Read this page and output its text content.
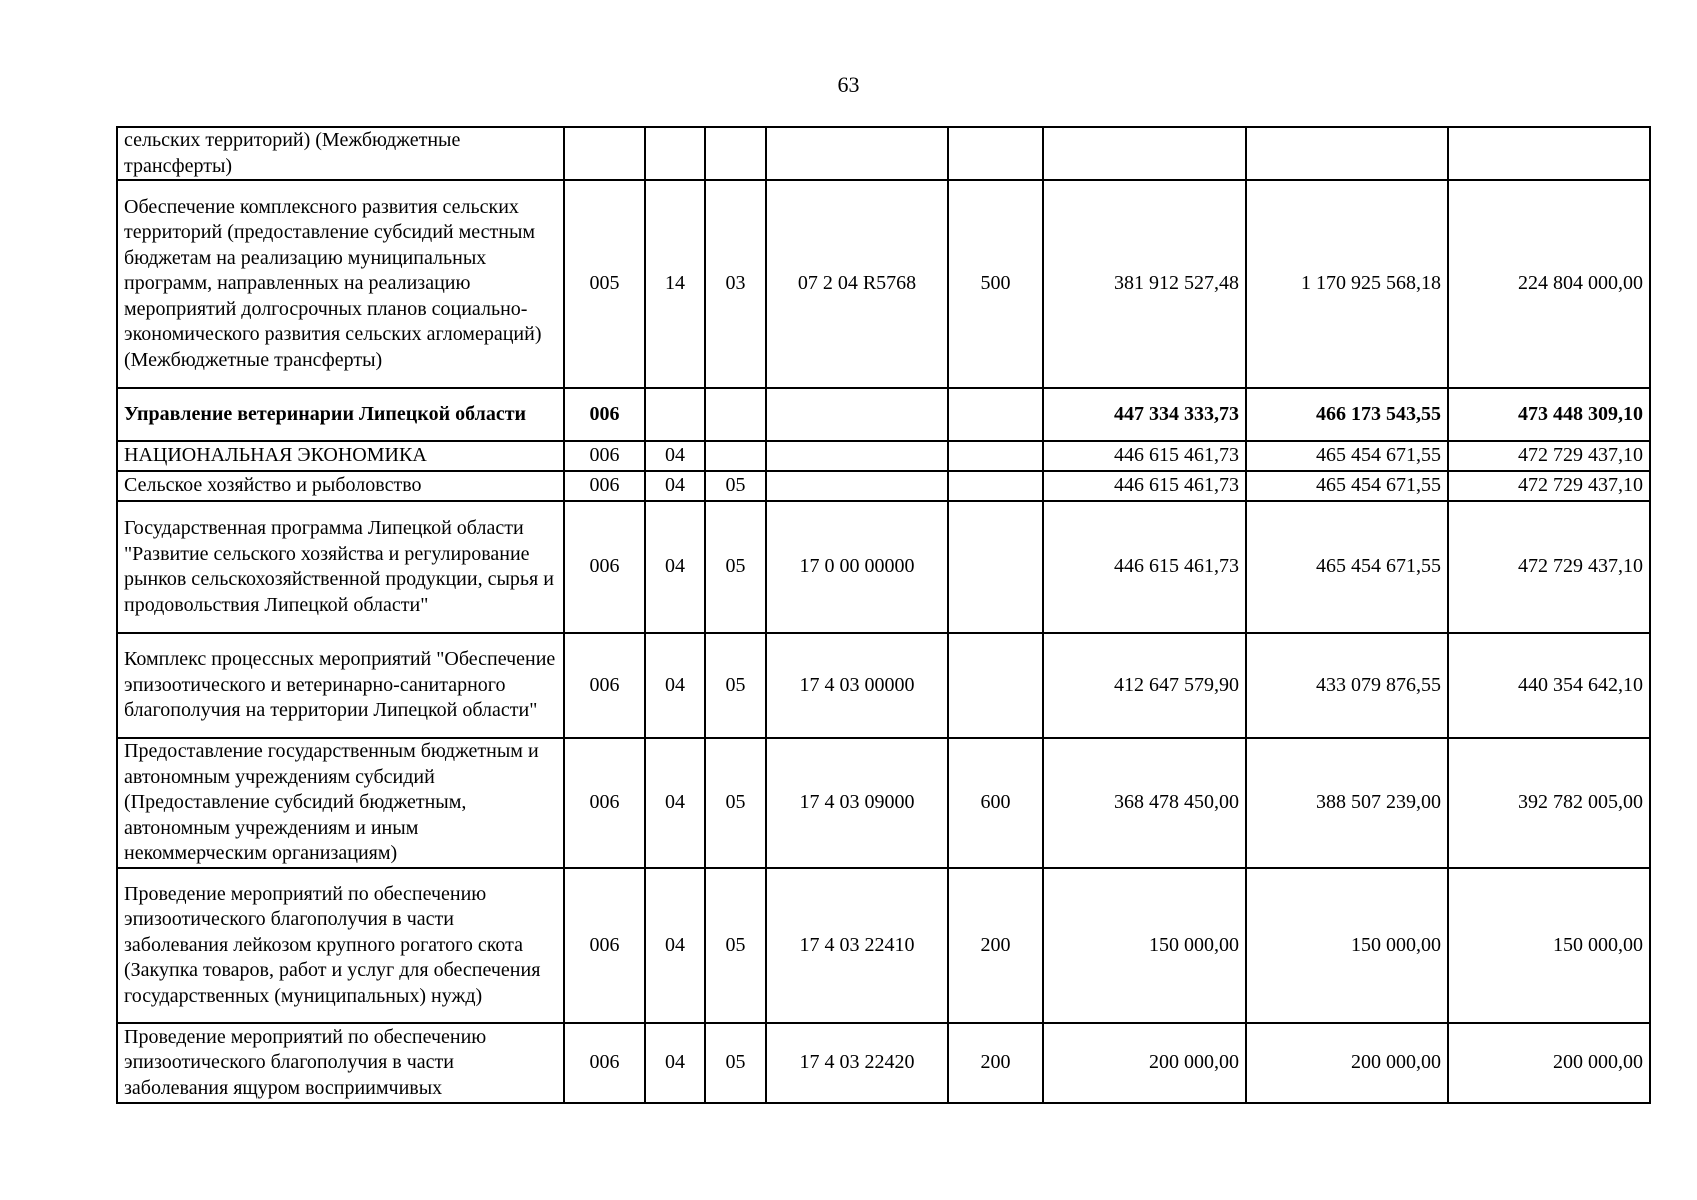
63
сельских территорий) (Межбюджетные трансферты)								
Обеспечение комплексного развития сельских территорий (предоставление субсидий местным бюджетам на реализацию муниципальных программ, направленных на реализацию мероприятий долгосрочных планов социально-экономического развития сельских агломераций) (Межбюджетные трансферты)	005	14	03	07 2 04 R5768	500	381 912 527,48	1 170 925 568,18	224 804 000,00
Управление ветеринарии Липецкой области	006					447 334 333,73	466 173 543,55	473 448 309,10
НАЦИОНАЛЬНАЯ ЭКОНОМИКА	006	04				446 615 461,73	465 454 671,55	472 729 437,10
Сельское хозяйство и рыболовство	006	04	05			446 615 461,73	465 454 671,55	472 729 437,10
Государственная программа Липецкой области "Развитие сельского хозяйства и регулирование рынков сельскохозяйственной продукции, сырья и продовольствия Липецкой области"	006	04	05	17 0 00 00000		446 615 461,73	465 454 671,55	472 729 437,10
Комплекс процессных мероприятий "Обеспечение эпизоотического и ветеринарно-санитарного благополучия на территории Липецкой области"	006	04	05	17 4 03 00000		412 647 579,90	433 079 876,55	440 354 642,10
Предоставление государственным бюджетным и автономным учреждениям субсидий (Предоставление субсидий бюджетным, автономным учреждениям и иным некоммерческим организациям)	006	04	05	17 4 03 09000	600	368 478 450,00	388 507 239,00	392 782 005,00
Проведение мероприятий по обеспечению эпизоотического благополучия в части заболевания лейкозом крупного рогатого скота (Закупка товаров, работ и услуг для обеспечения государственных (муниципальных) нужд)	006	04	05	17 4 03 22410	200	150 000,00	150 000,00	150 000,00
Проведение мероприятий по обеспечению эпизоотического благополучия в части заболевания ящуром восприимчивых	006	04	05	17 4 03 22420	200	200 000,00	200 000,00	200 000,00
